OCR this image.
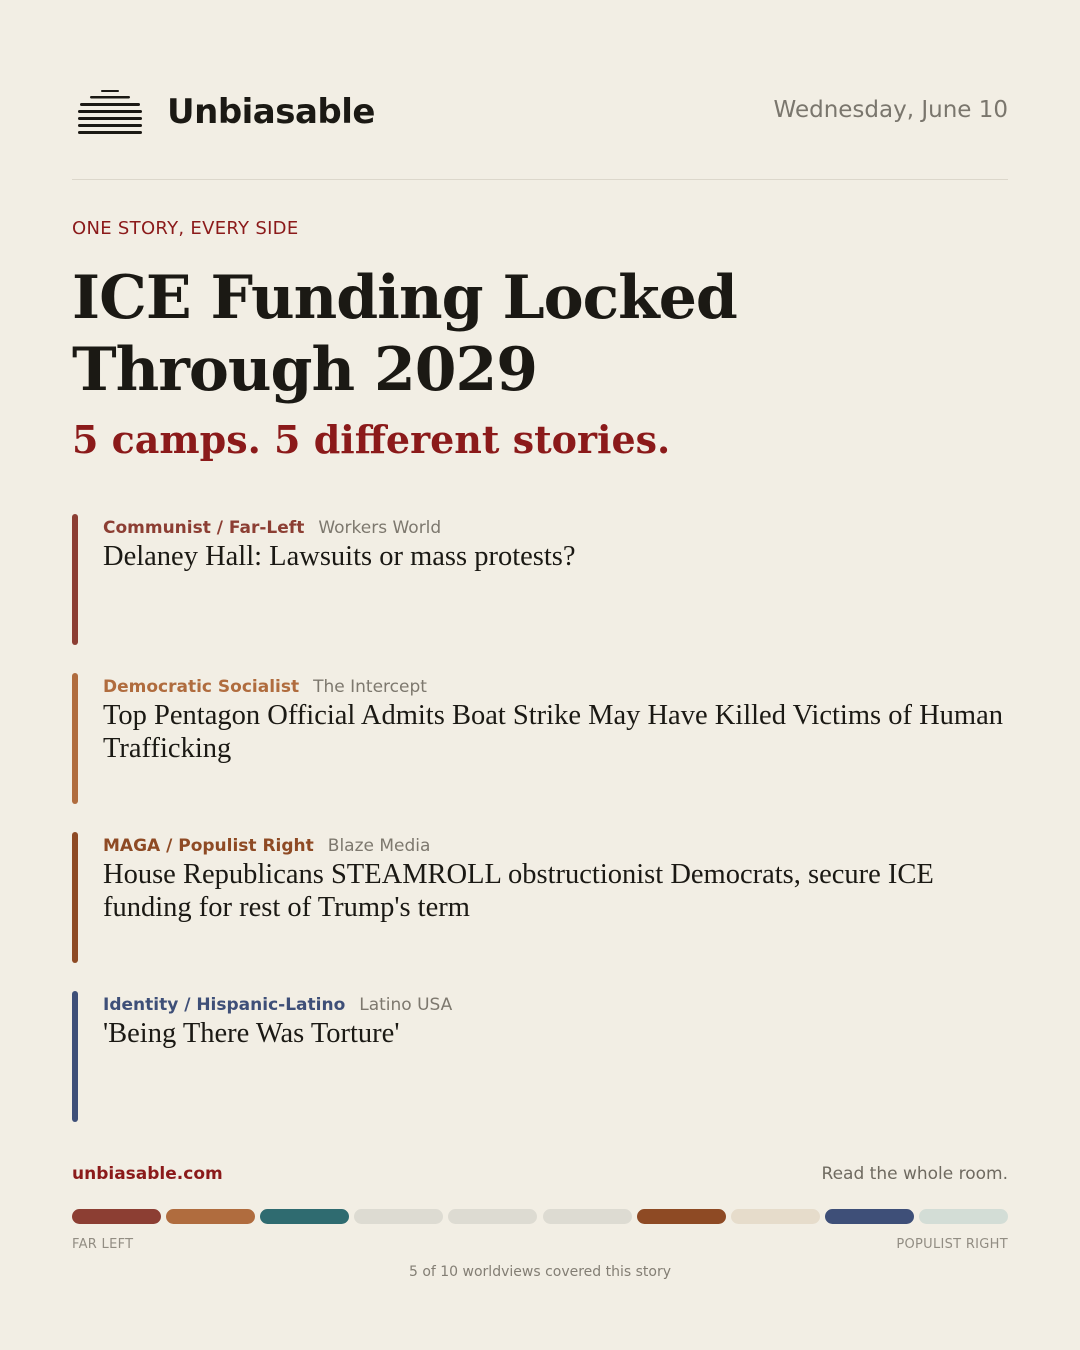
Unbiasable	Wednesday, June 10
ONE STORY, EVERY SIDE
ICE Funding Locked Through 2029
5 camps. 5 different stories.
Communist / Far-Left Workers World
Delaney Hall: Lawsuits or mass protests?
Democratic Socialist The Intercept
Top Pentagon Official Admits Boat Strike May Have Killed Victims of Human Trafficking
MAGA / Populist Right Blaze Media
House Republicans STEAMROLL obstructionist Democrats, secure ICE funding for rest of Trump's term
Identity / Hispanic-Latino Latino USA
'Being There Was Torture'
unbiasable.com	Read the whole room.
FAR LEFT	POPULIST RIGHT
5 of 10 worldviews covered this story
